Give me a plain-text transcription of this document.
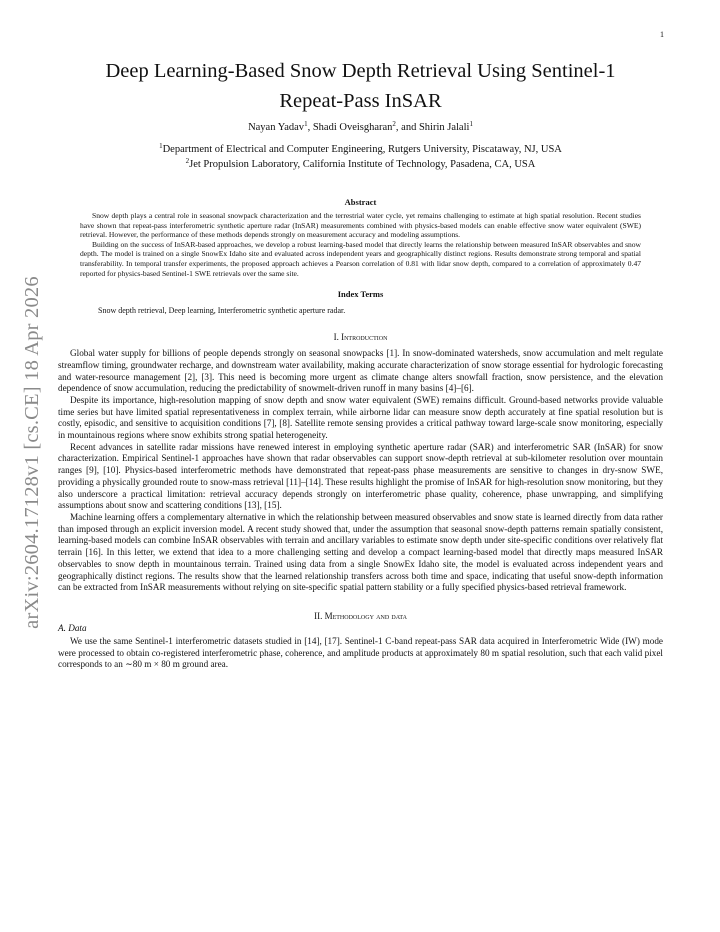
1
arXiv:2604.17128v1 [cs.CE] 18 Apr 2026
Deep Learning-Based Snow Depth Retrieval Using Sentinel-1
Repeat-Pass InSAR
Nayan Yadav$^1$, Shadi Oveisgharan$^2$, and Shirin Jalali$^1$
$^1$Department of Electrical and Computer Engineering, Rutgers University, Piscataway, NJ, USA
$^2$Jet Propulsion Laboratory, California Institute of Technology, Pasadena, CA, USA
Abstract

Snow depth plays a central role in seasonal snowpack characterization and the terrestrial water cycle, yet remains challenging to estimate at high spatial resolution. Recent studies have shown that repeat-pass interferometric synthetic aperture radar (InSAR) measurements combined with physics-based models can enable effective snow water equivalent (SWE) retrieval. However, the performance of these methods depends strongly on measurement accuracy and modeling assumptions.

Building on the success of InSAR-based approaches, we develop a robust learning-based model that directly learns the relationship between measured InSAR observables and snow depth. The model is trained on a single SnowEx Idaho site and evaluated across independent years and geographically distinct regions. Results demonstrate strong temporal and spatial transferability. In temporal transfer experiments, the proposed approach achieves a Pearson correlation of 0.81 with lidar snow depth, compared to a correlation of approximately 0.47 reported for physics-based Sentinel-1 SWE retrievals over the same site.

Index Terms
Snow depth retrieval, Deep learning, Interferometric synthetic aperture radar.
I. Introduction

Global water supply for billions of people depends strongly on seasonal snowpacks [1]. In snow-dominated watersheds, snow accumulation and melt regulate streamflow timing, groundwater recharge, and downstream water availability, making accurate characterization of snow storage essential for hydrologic forecasting and water-resource management [2], [3]. This need is becoming more urgent as climate change alters snowfall fraction, snow persistence, and the elevation dependence of snow accumulation, reducing the predictability of snowmelt-driven runoff in many basins [4]–[6].

Despite its importance, high-resolution mapping of snow depth and snow water equivalent (SWE) remains difficult. Ground-based networks provide valuable time series but have limited spatial representativeness in complex terrain, while airborne lidar can measure snow depth accurately at fine spatial resolution but is costly, episodic, and sensitive to acquisition conditions [7], [8]. Satellite remote sensing provides a critical pathway toward large-scale snow monitoring, especially in mountainous regions where snow exhibits strong spatial heterogeneity.

Recent advances in satellite radar missions have renewed interest in employing synthetic aperture radar (SAR) and interferometric SAR (InSAR) for snow characterization. Empirical Sentinel-1 approaches have shown that radar observables can support snow-depth retrieval at sub-kilometer resolution over mountain ranges [9], [10]. Physics-based interferometric methods have demonstrated that repeat-pass phase measurements are sensitive to changes in dry-snow SWE, providing a physically grounded route to snow-mass retrieval [11]–[14]. These results highlight the promise of InSAR for high-resolution snow monitoring, but they also underscore a practical limitation: retrieval accuracy depends strongly on interferometric phase quality, coherence, phase unwrapping, and simplifying assumptions about snow and scattering conditions [13], [15].

Machine learning offers a complementary alternative in which the relationship between measured observables and snow state is learned directly from data rather than imposed through an explicit inversion model. A recent study showed that, under the assumption that seasonal snow-depth patterns remain spatially consistent, learning-based models can combine InSAR observables with terrain and ancillary variables to estimate snow depth under site-specific conditions over relatively flat terrain [16]. In this letter, we extend that idea to a more challenging setting and develop a compact learning-based model that directly maps measured InSAR observables to snow depth in mountainous terrain. Trained using data from a single SnowEx Idaho site, the model is evaluated across independent years and geographically distinct regions. The results show that the learned relationship transfers across both time and space, indicating that useful snow-depth information can be extracted from InSAR measurements without relying on site-specific spatial pattern stability or a fully specified physics-based retrieval framework.

II. Methodology and data
A. Data

We use the same Sentinel-1 interferometric datasets studied in [14], [17]. Sentinel-1 C-band repeat-pass SAR data acquired in Interferometric Wide (IW) mode were processed to obtain co-registered interferometric phase, coherence, and amplitude products at approximately 80 m spatial resolution, such that each valid pixel corresponds to an ∼80 m × 80 m ground area.
